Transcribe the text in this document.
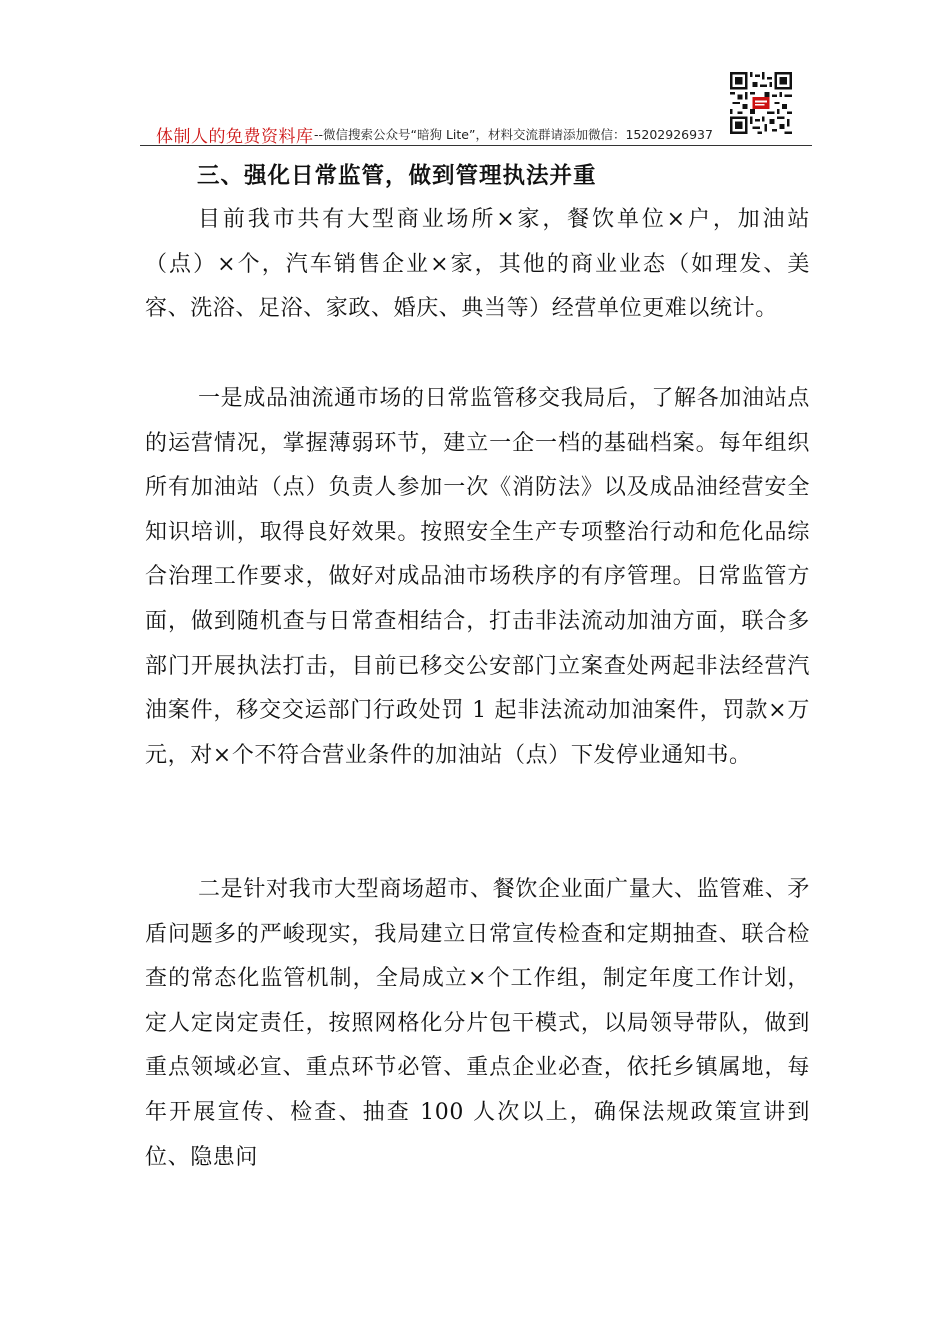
体制人的免费资料库 --微信搜索公众号“暗狗 Lite”，材料交流群请添加微信：15202926937
三、强化日常监管，做到管理执法并重

目前我市共有大型商业场所×家，餐饮单位×户，加油站（点）×个，汽车销售企业×家，其他的商业业态（如理发、美容、洗浴、足浴、家政、婚庆、典当等）经营单位更难以统计。

一是成品油流通市场的日常监管移交我局后，了解各加油站点的运营情况，掌握薄弱环节，建立一企一档的基础档案。每年组织所有加油站（点）负责人参加一次《消防法》以及成品油经营安全知识培训，取得良好效果。按照安全生产专项整治行动和危化品综合治理工作要求，做好对成品油市场秩序的有序管理。日常监管方面，做到随机查与日常查相结合，打击非法流动加油方面，联合多部门开展执法打击，目前已移交公安部门立案查处两起非法经营汽油案件，移交交运部门行政处罚 1 起非法流动加油案件，罚款×万元，对×个不符合营业条件的加油站（点）下发停业通知书。

二是针对我市大型商场超市、餐饮企业面广量大、监管难、矛盾问题多的严峻现实，我局建立日常宣传检查和定期抽查、联合检查的常态化监管机制，全局成立×个工作组，制定年度工作计划，定人定岗定责任，按照网格化分片包干模式，以局领导带队，做到重点领域必宣、重点环节必管、重点企业必查，依托乡镇属地，每年开展宣传、检查、抽查 100 人次以上，确保法规政策宣讲到位、隐患问
